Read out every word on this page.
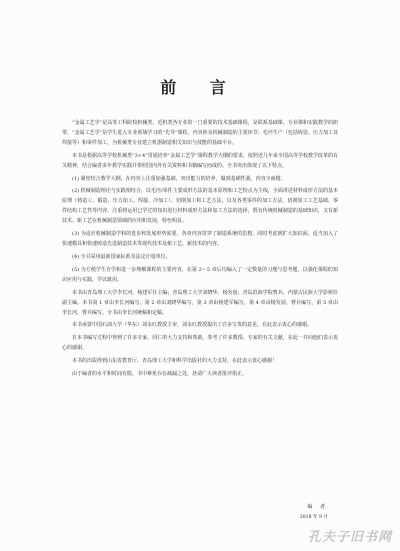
前 言

“金属工艺学”是高等工科院校机械类、近机类各专业的一门重要的技术基础课程，是联系基础课、专业课和实践教学的纽带。“金属工艺学”是学生进入专业领域学习的“先导”课程，内容涉及机械制造的主要环节：毛坯生产（包括铸造、压力加工及焊接等）和零件加工，为机械类专业建立机器制造相关知识与技能的基础平台。

本书是根据高等学校机械类“3+4”贯通培养“金属工艺学”课程教学大纲的要求，按照近几年来全国高等学校教学改革的有关精神，结合编者多年教学实践并参照国内外有关资料和书籍编写而成的。全书突出体现了以下特点。

(1) 紧密结合教学大纲，在内容上注重加强基础，突出能力的培养，做到基础性强，内容少而精。

(2) 机械制造理论与实践相结合，以毛坯/零件主要成形方法的基本原理和工艺特点为主线，全面讲述材料成形方法的基本原理（铸造工、锻造、压力加工、焊接、冷加工）、切削加工和工艺方法，以及各类零件的加工方法、切削加工工艺基础、零件结构工艺性等内容。注重将运用已学过的知识进行材料成形方法和加工方法的选择，既有传统机械制造的基础知识，又有新技术、新工艺在机械制造领域的应用和发展，特色明显。

(3) 为适应机械制造学科的进步和发展形势需要，各章内容贯穿了制造系统的思想，同时考虑到扩大知识面，适当加入了快速模具和快速铸造先进制造技术等现代技术及新工艺、新技术的内容。

(4) 全书采用最新国家标准及法定计量单位。

(5) 为方便学生自学和进一步理解课程的主要内容，在第 2～5 章后均编入了一定数量的习题与思考题，以强化课程的知识应用与实践，学以致用。

本书由青岛理工大学李长河、杨建军任主编；青岛理工大学刘晓华、杨发展；青岛滨海学院曹兵，内蒙古民族大学彭树任副主编。本书第 1 章由李长河编写，第 2 章由刘晓华编写，第 3 章由杨建军编写，第 4 章由杨发展、曹兵编写，第 5 章由李长河、曹兵编写。全书由李长河统稿和定稿。

本书承蒙中国石油大学（华东）刘永红教授主审，刘永红教授提出了许多宝贵的意见，在此表示衷心的感谢。

在本书编写过程中得到了许多专家、同仁的大力支持和帮助，参考了许多教授、专家的有关文献，在此一并向他们表示衷心的感谢。

本书的出版得到山东省教育厅、青岛理工大学和科学出版社的大力支持，在此表示衷心感谢！

由于编者的水平和时间有限，书中难免存在疏漏之处，恳请广大读者批评指正。

编 者
2018 年 9 月
孔夫子旧书网
